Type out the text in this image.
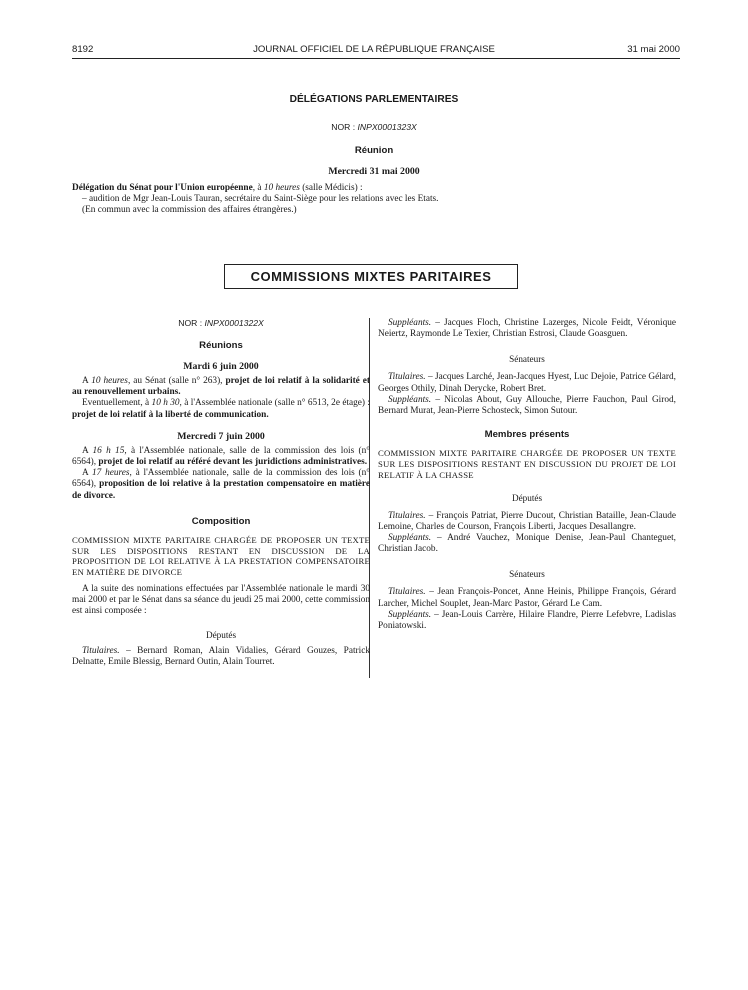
8192	JOURNAL OFFICIEL DE LA RÉPUBLIQUE FRANÇAISE	31 mai 2000
DÉLÉGATIONS PARLEMENTAIRES
NOR : INPX0001323X
Réunion
Mercredi 31 mai 2000
Délégation du Sénat pour l'Union européenne, à 10 heures (salle Médicis) :
– audition de Mgr Jean-Louis Tauran, secrétaire du Saint-Siège pour les relations avec les Etats.
(En commun avec la commission des affaires étrangères.)
COMMISSIONS MIXTES PARITAIRES
NOR : INPX0001322X
Réunions
Mardi 6 juin 2000
A 10 heures, au Sénat (salle n° 263), projet de loi relatif à la solidarité et au renouvellement urbains.
Eventuellement, à 10 h 30, à l'Assemblée nationale (salle n° 6513, 2e étage) : projet de loi relatif à la liberté de communication.
Mercredi 7 juin 2000
A 16 h 15, à l'Assemblée nationale, salle de la commission des lois (n° 6564), projet de loi relatif au référé devant les juridictions administratives.
A 17 heures, à l'Assemblée nationale, salle de la commission des lois (n° 6564), proposition de loi relative à la prestation compensatoire en matière de divorce.
Composition
COMMISSION MIXTE PARITAIRE CHARGÉE DE PROPOSER UN TEXTE SUR LES DISPOSITIONS RESTANT EN DISCUSSION DE LA PROPOSITION DE LOI RELATIVE À LA PRESTATION COMPENSATOIRE EN MATIÈRE DE DIVORCE
A la suite des nominations effectuées par l'Assemblée nationale le mardi 30 mai 2000 et par le Sénat dans sa séance du jeudi 25 mai 2000, cette commission est ainsi composée :
Députés
Titulaires. – Bernard Roman, Alain Vidalies, Gérard Gouzes, Patrick Delnatte, Emile Blessig, Bernard Outin, Alain Tourret.
Suppléants. – Jacques Floch, Christine Lazerges, Nicole Feidt, Véronique Neiertz, Raymonde Le Texier, Christian Estrosi, Claude Goasguen.
Sénateurs
Titulaires. – Jacques Larché, Jean-Jacques Hyest, Luc Dejoie, Patrice Gélard, Georges Othily, Dinah Derycke, Robert Bret.
Suppléants. – Nicolas About, Guy Allouche, Pierre Fauchon, Paul Girod, Bernard Murat, Jean-Pierre Schosteck, Simon Sutour.
Membres présents
COMMISSION MIXTE PARITAIRE CHARGÉE DE PROPOSER UN TEXTE SUR LES DISPOSITIONS RESTANT EN DISCUSSION DU PROJET DE LOI RELATIF À LA CHASSE
Députés
Titulaires. – François Patriat, Pierre Ducout, Christian Bataille, Jean-Claude Lemoine, Charles de Courson, François Liberti, Jacques Desallangre.
Suppléants. – André Vauchez, Monique Denise, Jean-Paul Chanteguet, Christian Jacob.
Sénateurs
Titulaires. – Jean François-Poncet, Anne Heinis, Philippe François, Gérard Larcher, Michel Souplet, Jean-Marc Pastor, Gérard Le Cam.
Suppléants. – Jean-Louis Carrère, Hilaire Flandre, Pierre Lefebvre, Ladislas Poniatowski.
